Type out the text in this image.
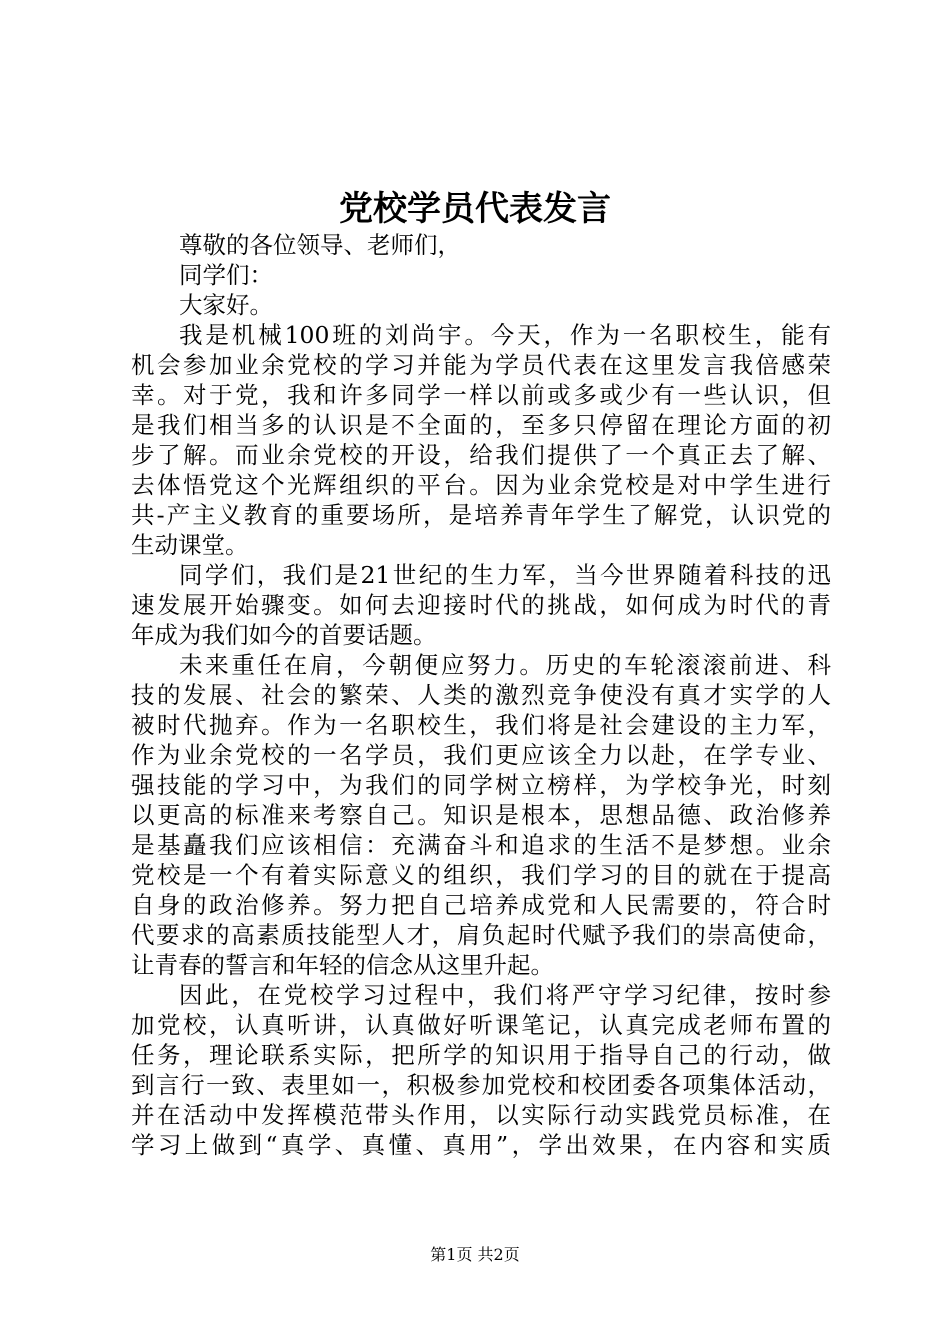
党校学员代表发言
尊敬的各位领导、老师们，
同学们：
大家好。
我是机械100班的刘尚宇。今天，作为一名职校生，能有
机会参加业余党校的学习并能为学员代表在这里发言我倍感荣
幸。对于党，我和许多同学一样以前或多或少有一些认识，但
是我们相当多的认识是不全面的，至多只停留在理论方面的初
步了解。而业余党校的开设，给我们提供了一个真正去了解、
去体悟党这个光辉组织的平台。因为业余党校是对中学生进行
共-产主义教育的重要场所，是培养青年学生了解党，认识党的
生动课堂。
同学们，我们是21世纪的生力军，当今世界随着科技的迅
速发展开始骤变。如何去迎接时代的挑战，如何成为时代的青
年成为我们如今的首要话题。
未来重任在肩，今朝便应努力。历史的车轮滚滚前进、科
技的发展、社会的繁荣、人类的激烈竞争使没有真才实学的人
被时代抛弃。作为一名职校生，我们将是社会建设的主力军，
作为业余党校的一名学员，我们更应该全力以赴，在学专业、
强技能的学习中，为我们的同学树立榜样，为学校争光，时刻
以更高的标准来考察自己。知识是根本，思想品德、政治修养
是基矗我们应该相信：充满奋斗和追求的生活不是梦想。业余
党校是一个有着实际意义的组织，我们学习的目的就在于提高
自身的政治修养。努力把自己培养成党和人民需要的，符合时
代要求的高素质技能型人才，肩负起时代赋予我们的崇高使命，
让青春的誓言和年轻的信念从这里升起。
因此，在党校学习过程中，我们将严守学习纪律，按时参
加党校，认真听讲，认真做好听课笔记，认真完成老师布置的
任务，理论联系实际，把所学的知识用于指导自己的行动，做
到言行一致、表里如一，积极参加党校和校团委各项集体活动，
并在活动中发挥模范带头作用，以实际行动实践党员标准，在
学习上做到“真学、真懂、真用”，学出效果，在内容和实质
第1页 共2页
